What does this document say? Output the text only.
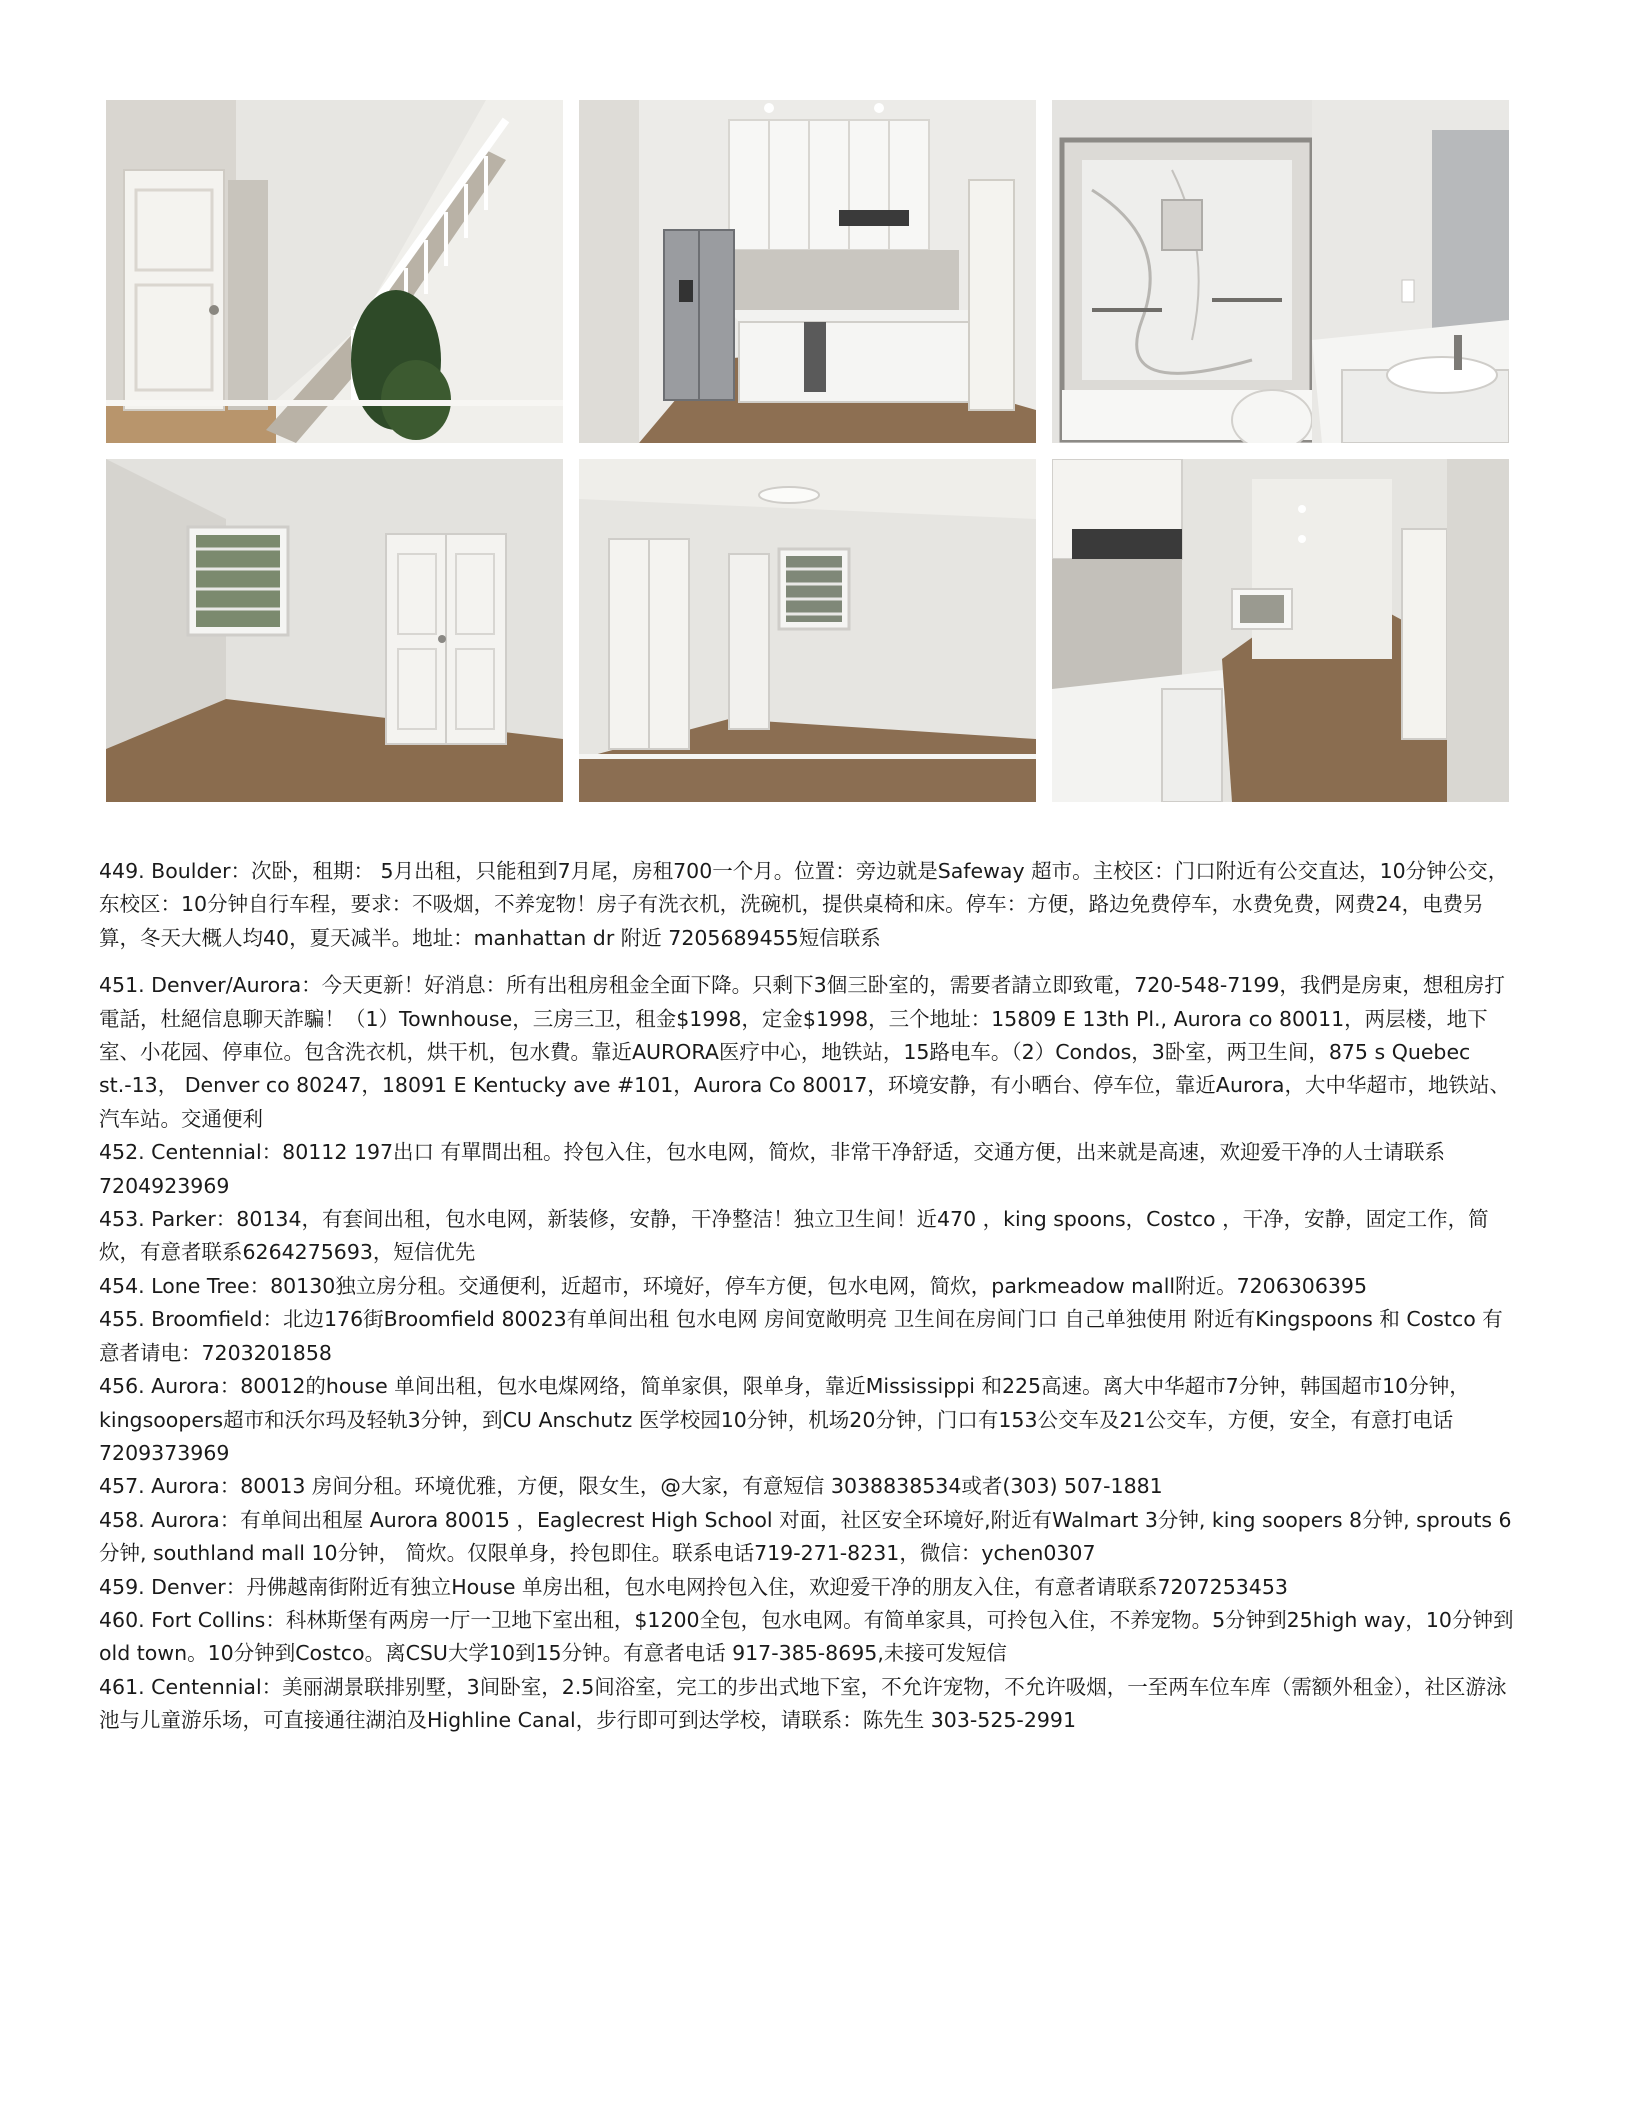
449. Boulder：次卧，租期： 5月出租，只能租到7月尾，房租700一个月。位置：旁边就是Safeway 超市。主校区：门口附近有公交直达，10分钟公交，东校区：10分钟自行车程，要求：不吸烟，不养宠物！房子有洗衣机，洗碗机，提供桌椅和床。停车：方便，路边免费停车，水费免费，网费24，电费另算，冬天大概人均40，夏天减半。地址：manhattan dr 附近 7205689455短信联系

451. Denver/Aurora：今天更新！好消息：所有出租房租金全面下降。只剩下3個三卧室的，需要者請立即致電，720-548-7199，我們是房東，想租房打電話，杜絕信息聊天詐騙！（1）Townhouse，三房三卫，租金$1998，定金$1998，三个地址：15809 E 13th Pl., Aurora co 80011，两层楼，地下室、小花园、停車位。包含洗衣机，烘干机，包水費。靠近AURORA医疗中心，地铁站，15路电车。（2）Condos，3卧室，两卫生间，875 s Quebec st.-13， Denver co 80247，18091 E Kentucky ave #101，Aurora Co 80017，环境安静，有小晒台、停车位，靠近Aurora，大中华超市，地铁站、汽车站。交通便利

452. Centennial：80112 197出口 有單間出租。拎包入住，包水电网，简炊，非常干净舒适，交通方便，出来就是高速，欢迎爱干净的人士请联系7204923969

453. Parker：80134，有套间出租，包水电网，新装修，安静，干净整洁！独立卫生间！近470 ，king spoons，Costco ，干净，安静，固定工作，简炊，有意者联系6264275693，短信优先

454. Lone Tree：80130独立房分租。交通便利，近超市，环境好，停车方便，包水电网，简炊，parkmeadow mall附近。7206306395

455. Broomfield：北边176街Broomfield 80023有单间出租 包水电网 房间宽敞明亮 卫生间在房间门口 自己单独使用 附近有Kingspoons 和 Costco 有意者请电：7203201858

456. Aurora：80012的house 单间出租，包水电煤网络，简单家俱，限单身，靠近Mississippi 和225高速。离大中华超市7分钟，韩国超市10分钟，kingsoopers超市和沃尔玛及轻轨3分钟，到CU Anschutz 医学校园10分钟，机场20分钟，门口有153公交车及21公交车，方便，安全，有意打电话7209373969

457. Aurora：80013 房间分租。环境优雅，方便，限女生，@大家，有意短信 3038838534或者(303) 507-1881

458. Aurora：有单间出租屋 Aurora 80015 ，Eaglecrest High School 对面，社区安全环境好,附近有Walmart 3分钟, king soopers 8分钟, sprouts 6分钟, southland mall 10分钟， 简炊。仅限单身，拎包即住。联系电话719-271-8231，微信：ychen0307

459. Denver：丹佛越南街附近有独立House 单房出租，包水电网拎包入住，欢迎爱干净的朋友入住，有意者请联系7207253453

460. Fort Collins：科林斯堡有两房一厅一卫地下室出租，$1200全包，包水电网。有简单家具，可拎包入住，不养宠物。5分钟到25high way，10分钟到old town。10分钟到Costco。离CSU大学10到15分钟。有意者电话 917-385-8695,未接可发短信

461. Centennial：美丽湖景联排别墅，3间卧室，2.5间浴室，完工的步出式地下室，不允许宠物，不允许吸烟，一至两车位车库（需额外租金），社区游泳池与儿童游乐场，可直接通往湖泊及Highline Canal，步行即可到达学校，请联系：陈先生 303-525-2991
